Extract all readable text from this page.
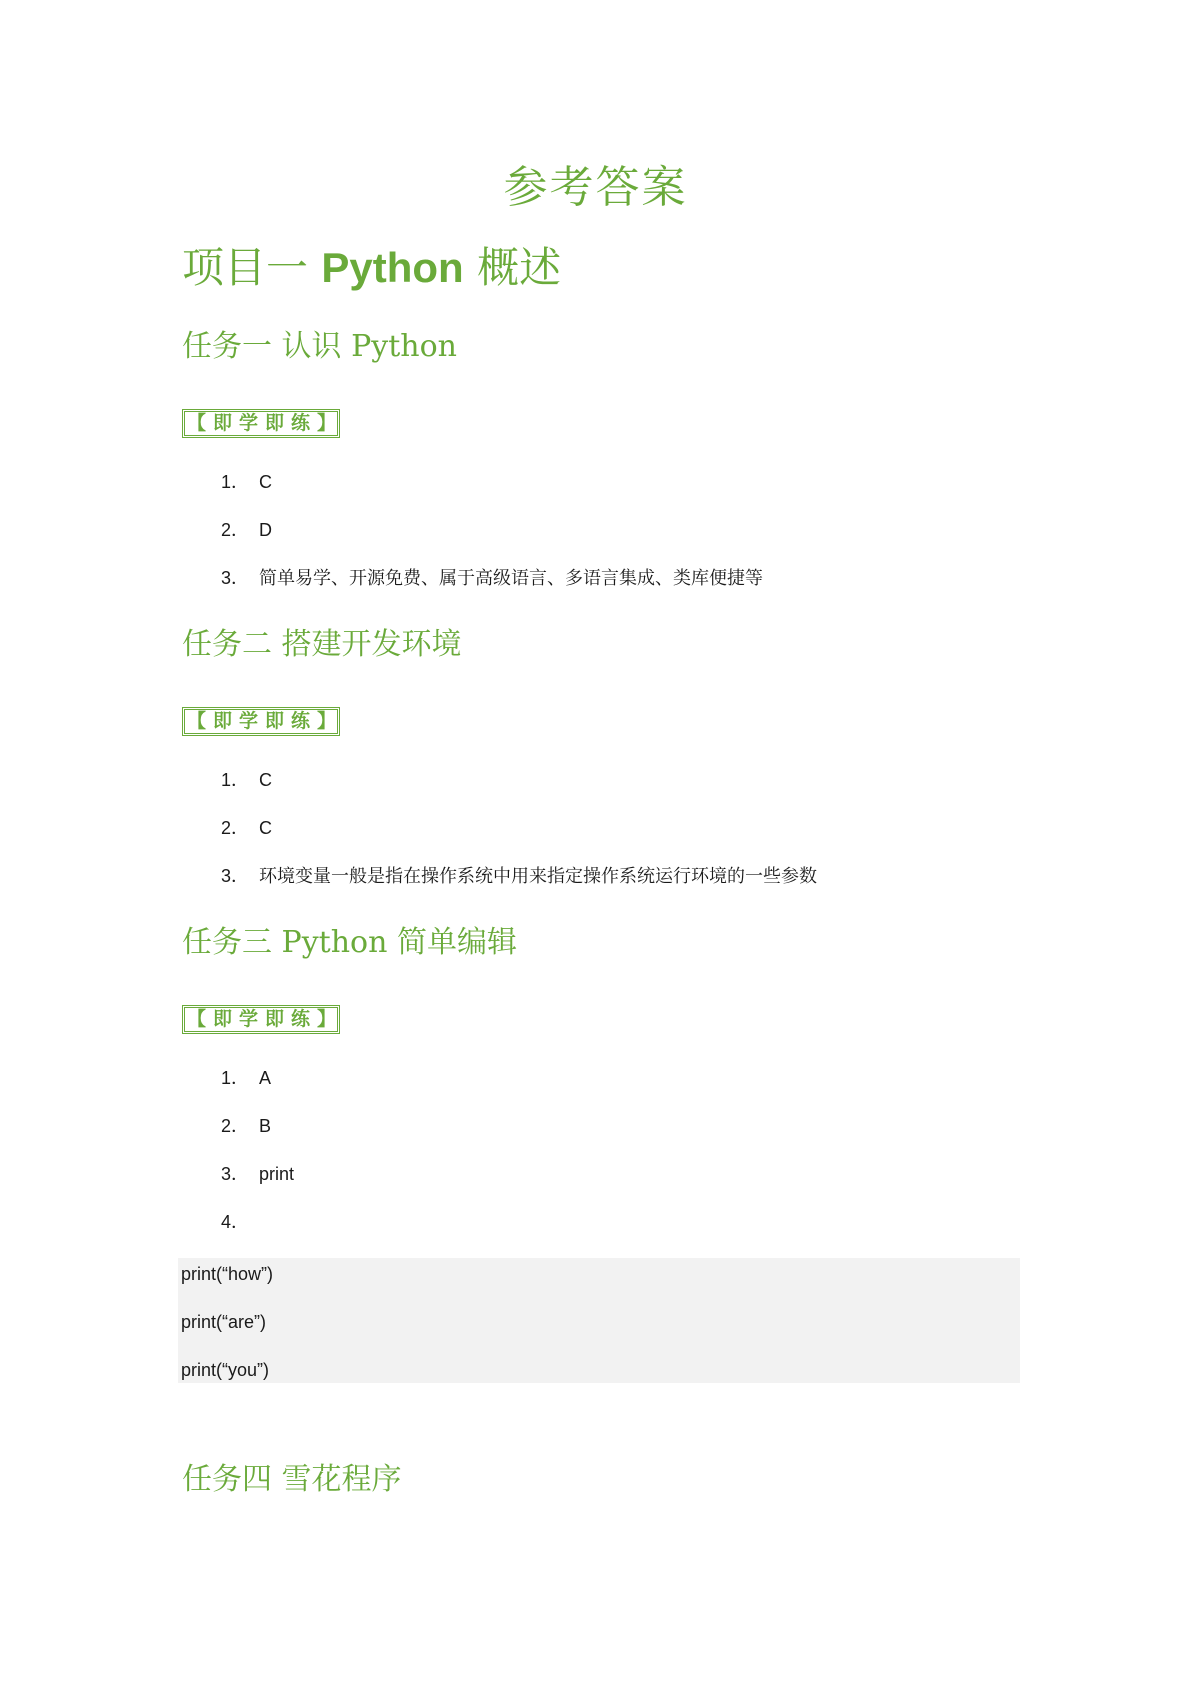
参考答案
项目一 Python 概述
任务一 认识 Python
【即学即练】
1． C
2． D
3． 简单易学、开源免费、属于高级语言、多语言集成、类库便捷等
任务二 搭建开发环境
【即学即练】
1． C
2． C
3． 环境变量一般是指在操作系统中用来指定操作系统运行环境的一些参数
任务三 Python 简单编辑
【即学即练】
1． A
2． B
3． print
4．
print(“how”)
print(“are”)
print(“you”)
任务四 雪花程序
